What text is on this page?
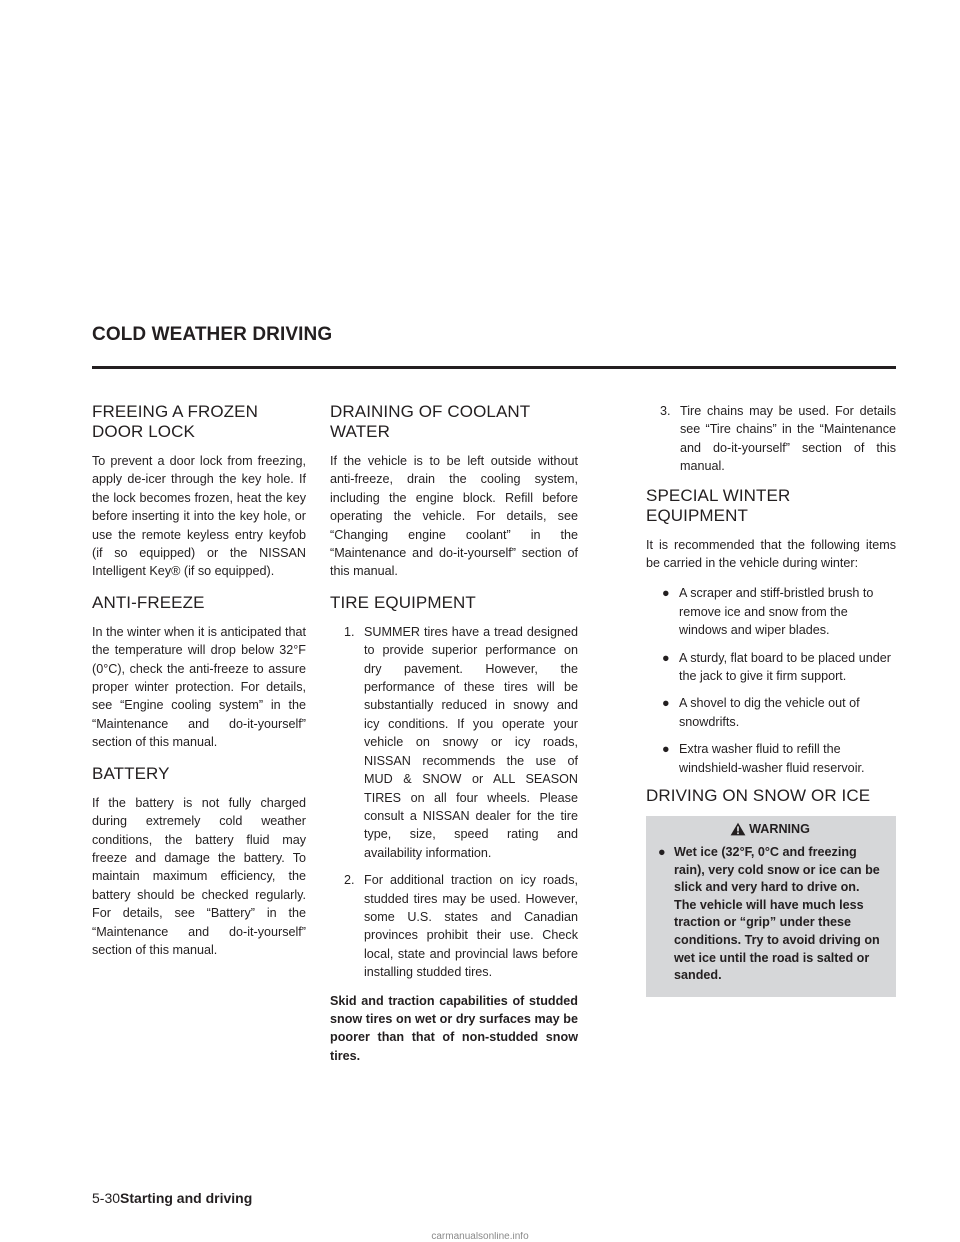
COLD WEATHER DRIVING
FREEING A FROZEN DOOR LOCK

To prevent a door lock from freezing, apply de-icer through the key hole. If the lock becomes frozen, heat the key before inserting it into the key hole, or use the remote keyless entry keyfob (if so equipped) or the NISSAN Intelligent Key® (if so equipped).

ANTI-FREEZE

In the winter when it is anticipated that the temperature will drop below 32°F (0°C), check the anti-freeze to assure proper winter protection. For details, see “Engine cooling system” in the “Maintenance and do-it-yourself” section of this manual.

BATTERY

If the battery is not fully charged during extremely cold weather conditions, the battery fluid may freeze and damage the battery. To maintain maximum efficiency, the battery should be checked regularly. For details, see “Battery” in the “Maintenance and do-it-yourself” section of this manual.

DRAINING OF COOLANT WATER

If the vehicle is to be left outside without anti-freeze, drain the cooling system, including the engine block. Refill before operating the vehicle. For details, see “Changing engine coolant” in the “Maintenance and do-it-yourself” section of this manual.

TIRE EQUIPMENT
1. SUMMER tires have a tread designed to provide superior performance on dry pavement. However, the performance of these tires will be substantially reduced in snowy and icy conditions. If you operate your vehicle on snowy or icy roads, NISSAN recommends the use of MUD & SNOW or ALL SEASON TIRES on all four wheels. Please consult a NISSAN dealer for the tire type, size, speed rating and availability information.
2. For additional traction on icy roads, studded tires may be used. However, some U.S. states and Canadian provinces prohibit their use. Check local, state and provincial laws before installing studded tires.

Skid and traction capabilities of studded snow tires on wet or dry surfaces may be poorer than that of non-studded snow tires.

3. Tire chains may be used. For details see “Tire chains” in the “Maintenance and do-it-yourself” section of this manual.
SPECIAL WINTER EQUIPMENT

It is recommended that the following items be carried in the vehicle during winter:

● A scraper and stiff-bristled brush to remove ice and snow from the windows and wiper blades.
● A sturdy, flat board to be placed under the jack to give it firm support.
● A shovel to dig the vehicle out of snowdrifts.
● Extra washer fluid to refill the windshield-washer fluid reservoir.
DRIVING ON SNOW OR ICE
WARNING
● Wet ice (32°F, 0°C and freezing rain), very cold snow or ice can be slick and very hard to drive on. The vehicle will have much less traction or “grip” under these conditions. Try to avoid driving on wet ice until the road is salted or sanded.
5-30Starting and driving
carmanualsonline.info
